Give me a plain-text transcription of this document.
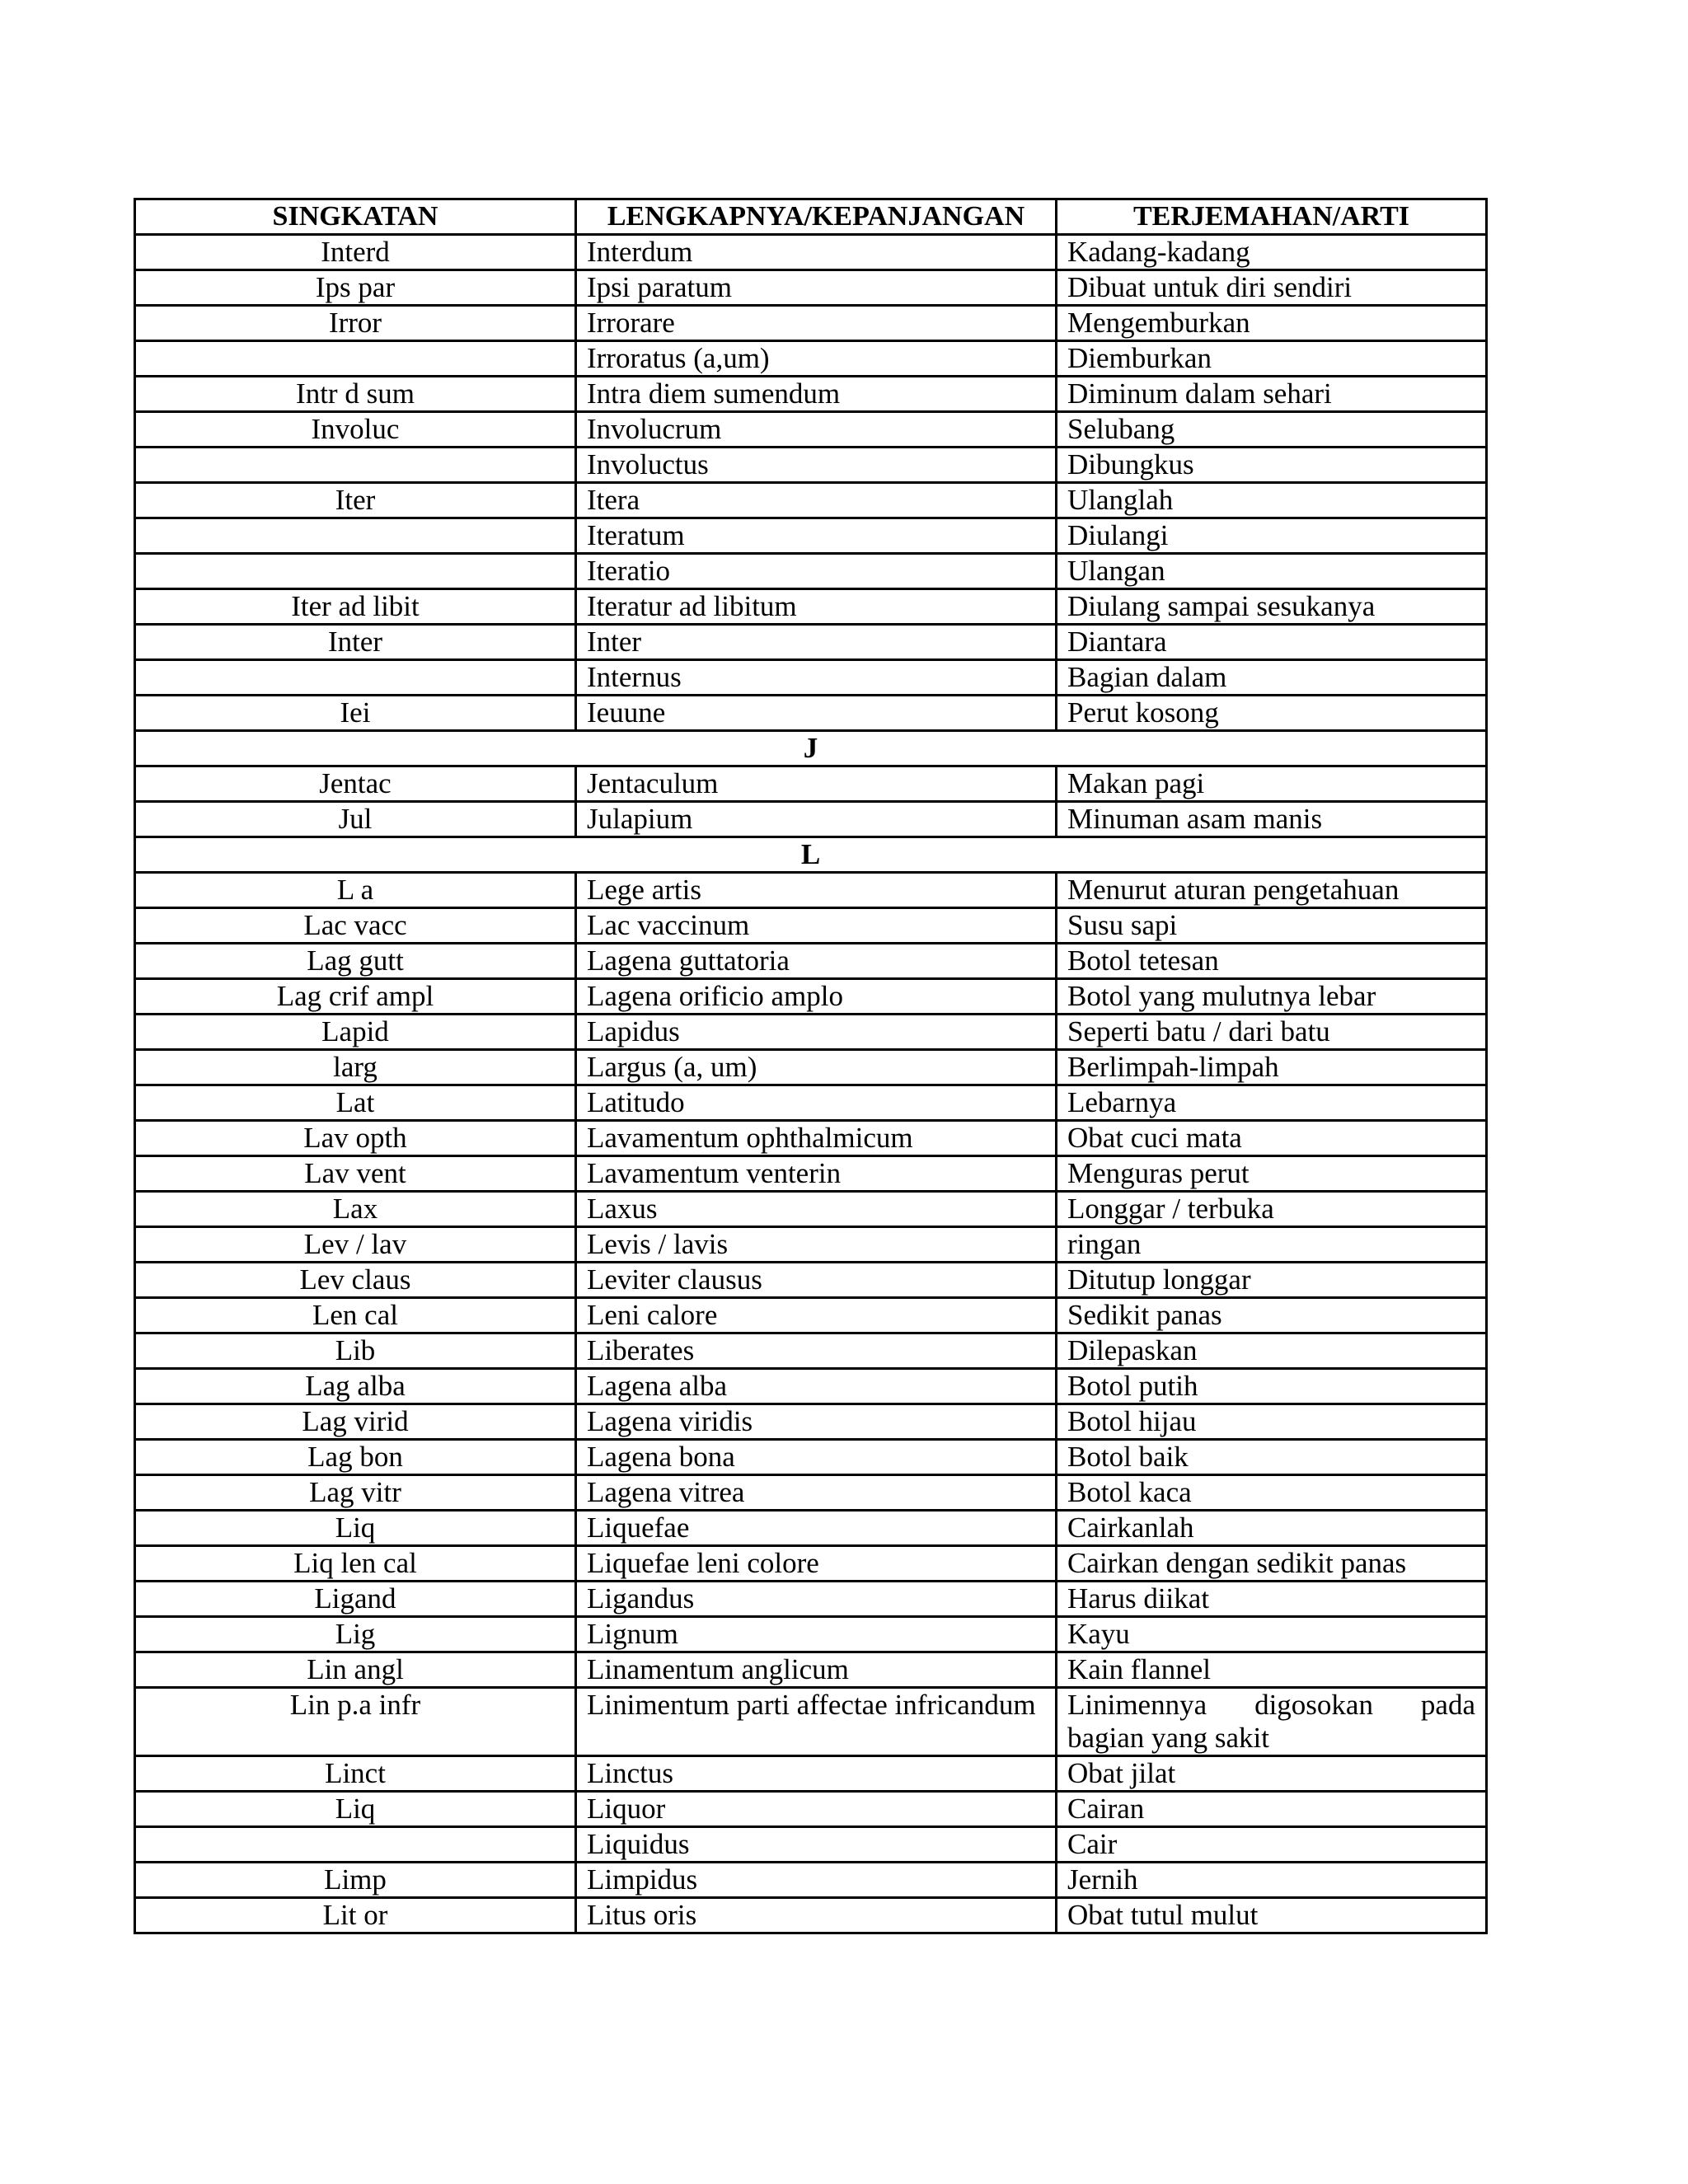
SINGKATAN	LENGKAPNYA/KEPANJANGAN	TERJEMAHAN/ARTI
Interd	Interdum	Kadang-kadang
Ips par	Ipsi paratum	Dibuat untuk diri sendiri
Irror	Irrorare	Mengemburkan
	Irroratus (a,um)	Diemburkan
Intr d sum	Intra diem sumendum	Diminum dalam sehari
Involuc	Involucrum	Selubang
	Involuctus	Dibungkus
Iter	Itera	Ulanglah
	Iteratum	Diulangi
	Iteratio	Ulangan
Iter ad libit	Iteratur ad libitum	Diulang sampai sesukanya
Inter	Inter	Diantara
	Internus	Bagian dalam
Iei	Ieuune	Perut kosong
J		
Jentac	Jentaculum	Makan pagi
Jul	Julapium	Minuman asam manis
L		
L a	Lege artis	Menurut aturan pengetahuan
Lac vacc	Lac vaccinum	Susu sapi
Lag gutt	Lagena guttatoria	Botol tetesan
Lag crif ampl	Lagena orificio amplo	Botol yang mulutnya lebar
Lapid	Lapidus	Seperti batu / dari batu
larg	Largus (a, um)	Berlimpah-limpah
Lat	Latitudo	Lebarnya
Lav opth	Lavamentum ophthalmicum	Obat cuci mata
Lav vent	Lavamentum venterin	Menguras perut
Lax	Laxus	Longgar / terbuka
Lev / lav	Levis / lavis	ringan
Lev claus	Leviter clausus	Ditutup longgar
Len cal	Leni calore	Sedikit panas
Lib	Liberates	Dilepaskan
Lag alba	Lagena alba	Botol putih
Lag virid	Lagena viridis	Botol hijau
Lag bon	Lagena bona	Botol baik
Lag vitr	Lagena vitrea	Botol kaca
Liq	Liquefae	Cairkanlah
Liq len cal	Liquefae leni colore	Cairkan dengan sedikit panas
Ligand	Ligandus	Harus diikat
Lig	Lignum	Kayu
Lin angl	Linamentum anglicum	Kain flannel
Lin p.a infr	Linimentum parti affectae infricandum	Linimennya digosokan pada bagian yang sakit
Linct	Linctus	Obat jilat
Liq	Liquor	Cairan
	Liquidus	Cair
Limp	Limpidus	Jernih
Lit or	Litus oris	Obat tutul mulut
